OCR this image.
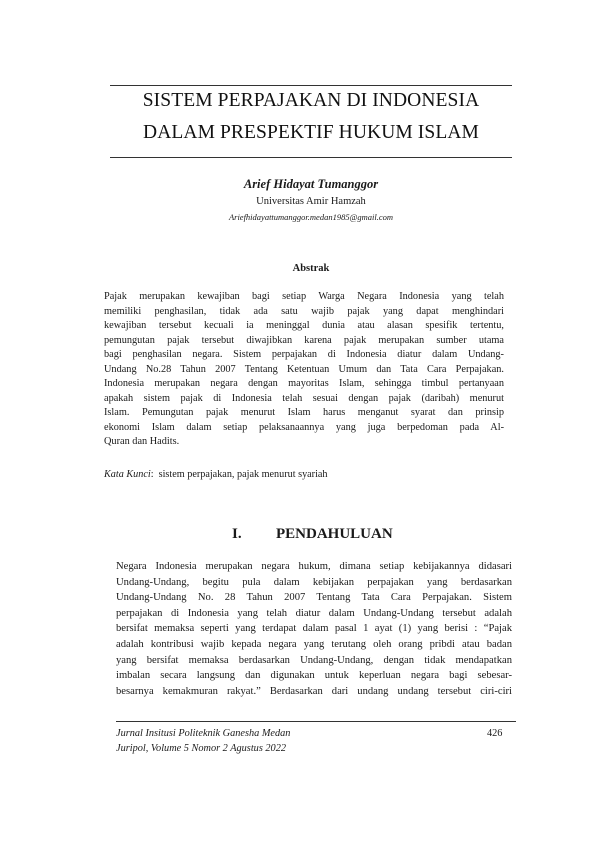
SISTEM PERPAJAKAN DI INDONESIA
DALAM PRESPEKTIF HUKUM ISLAM
Arief Hidayat Tumanggor
Universitas Amir Hamzah
Ariefhidayattumanggor.medan1985@gmail.com
Abstrak
Pajak merupakan kewajiban bagi setiap Warga Negara Indonesia yang telah
memiliki penghasilan, tidak ada satu wajib pajak yang dapat menghindari
kewajiban tersebut kecuali ia meninggal dunia atau alasan spesifik tertentu,
pemungutan pajak tersebut diwajibkan karena pajak merupakan sumber utama
bagi penghasilan negara. Sistem perpajakan di Indonesia diatur dalam Undang-
Undang No.28 Tahun 2007 Tentang Ketentuan Umum dan Tata Cara Perpajakan.
Indonesia merupakan negara dengan mayoritas Islam, sehingga timbul pertanyaan
apakah sistem pajak di Indonesia telah sesuai dengan pajak (daribah) menurut
Islam. Pemungutan pajak menurut Islam harus menganut syarat dan prinsip
ekonomi Islam dalam setiap pelaksanaannya yang juga berpedoman pada Al-
Quran dan Hadits.
Kata Kunci: sistem perpajakan, pajak menurut syariah
I. PENDAHULUAN
Negara Indonesia merupakan negara hukum, dimana setiap kebijakannya didasari
Undang-Undang, begitu pula dalam kebijakan perpajakan yang berdasarkan
Undang-Undang No. 28 Tahun 2007 Tentang Tata Cara Perpajakan. Sistem
perpajakan di Indonesia yang telah diatur dalam Undang-Undang tersebut adalah
bersifat memaksa seperti yang terdapat dalam pasal 1 ayat (1) yang berisi : “Pajak
adalah kontribusi wajib kepada negara yang terutang oleh orang pribdi atau badan
yang bersifat memaksa berdasarkan Undang-Undang, dengan tidak mendapatkan
imbalan secara langsung dan digunakan untuk keperluan negara bagi sebesar-
besarnya kemakmuran rakyat.” Berdasarkan dari undang undang tersebut ciri-ciri
Jurnal Insitusi Politeknik Ganesha Medan
Juripol, Volume 5 Nomor 2 Agustus 2022
426
